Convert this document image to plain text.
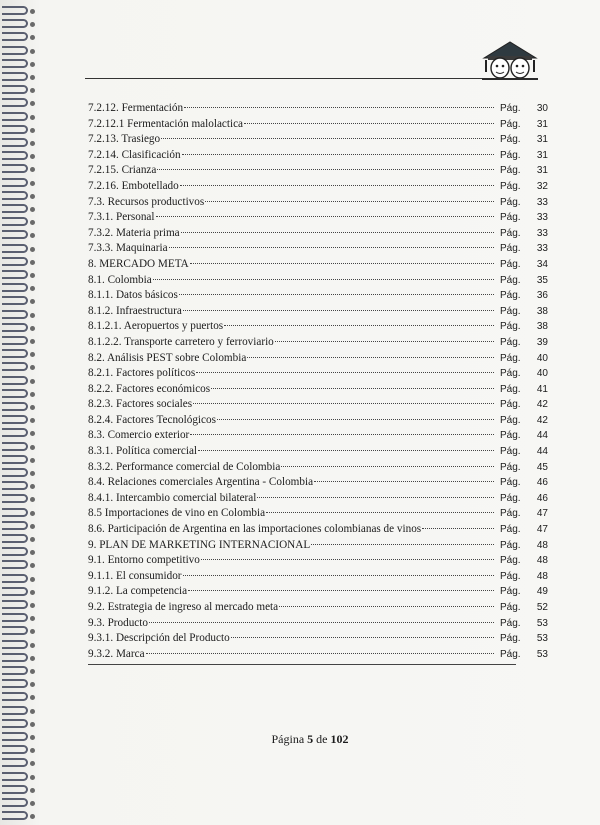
7.2.12. Fermentación	Pág. 30
7.2.12.1 Fermentación malolactica	Pág. 31
7.2.13. Trasiego	Pág. 31
7.2.14. Clasificación	Pág. 31
7.2.15. Crianza	Pág. 31
7.2.16. Embotellado	Pág. 32
7.3. Recursos productivos	Pág. 33
7.3.1. Personal	Pág. 33
7.3.2. Materia prima	Pág. 33
7.3.3. Maquinaria	Pág. 33
8. MERCADO META	Pág. 34
8.1. Colombia	Pág. 35
8.1.1. Datos básicos	Pág. 36
8.1.2. Infraestructura	Pág. 38
8.1.2.1. Aeropuertos y puertos	Pág. 38
8.1.2.2. Transporte carretero y ferroviario	Pág. 39
8.2. Análisis PEST sobre Colombia	Pág. 40
8.2.1. Factores políticos	Pág. 40
8.2.2. Factores económicos	Pág. 41
8.2.3. Factores sociales	Pág. 42
8.2.4. Factores Tecnológicos	Pág. 42
8.3. Comercio exterior	Pág. 44
8.3.1. Política comercial	Pág. 44
8.3.2. Performance comercial de Colombia	Pág. 45
8.4. Relaciones comerciales Argentina - Colombia	Pág. 46
8.4.1. Intercambio comercial bilateral	Pág. 46
8.5 Importaciones de vino en Colombia	Pág. 47
8.6. Participación de Argentina en las importaciones colombianas de vinos	Pág. 47
9. PLAN DE MARKETING INTERNACIONAL	Pág. 48
9.1. Entorno competitivo	Pág. 48
9.1.1. El consumidor	Pág. 48
9.1.2. La competencia	Pág. 49
9.2. Estrategia de ingreso al mercado meta	Pág. 52
9.3. Producto	Pág. 53
9.3.1. Descripción del Producto	Pág. 53
9.3.2. Marca	Pág. 53
Página 5 de 102
